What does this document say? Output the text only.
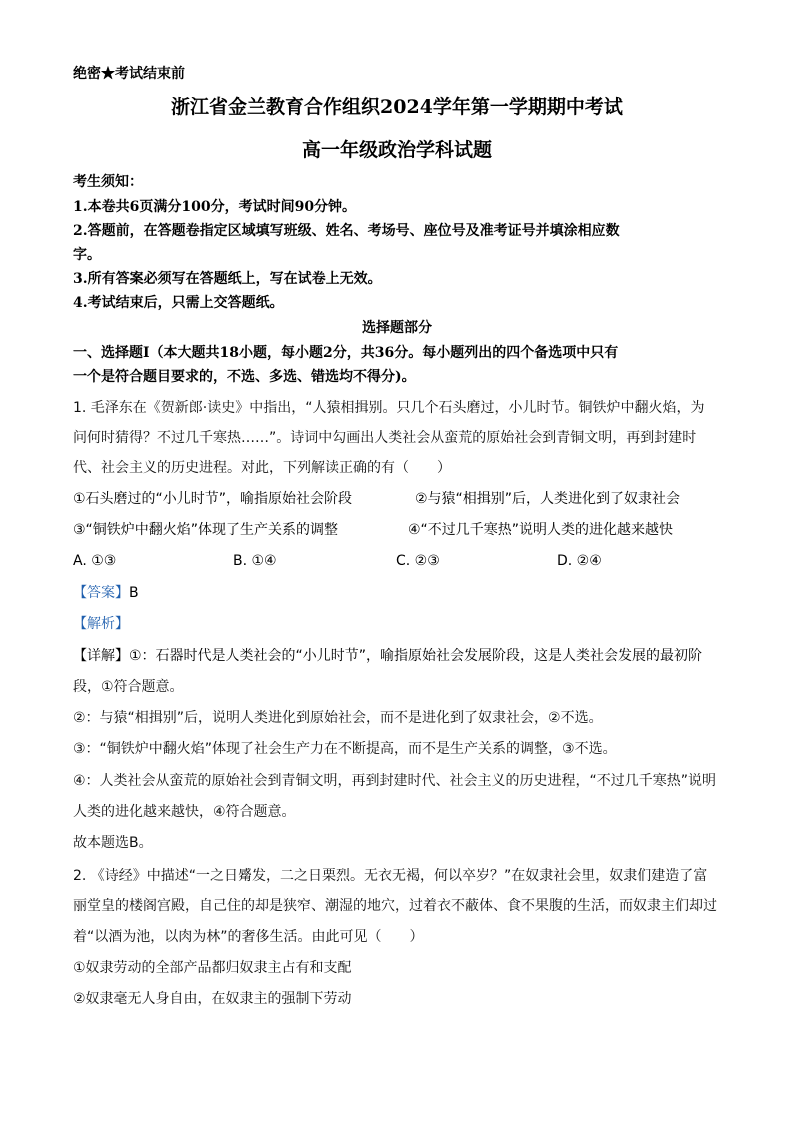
绝密★考试结束前
浙江省金兰教育合作组织2024学年第一学期期中考试
高一年级政治学科试题
考生须知：
1.本卷共6页满分100分，考试时间90分钟。
2.答题前，在答题卷指定区域填写班级、姓名、考场号、座位号及准考证号并填涂相应数
字。
3.所有答案必须写在答题纸上，写在试卷上无效。
4.考试结束后，只需上交答题纸。
选择题部分
一、选择题Ⅰ（本大题共18小题，每小题2分，共36分。每小题列出的四个备选项中只有
一个是符合题目要求的，不选、多选、错选均不得分)。
1. 毛泽东在《贺新郎·读史》中指出，“人猿相揖别。只几个石头磨过，小儿时节。铜铁炉中翻火焰，为
问何时猜得？不过几千寒热……”。诗词中勾画出人类社会从蛮荒的原始社会到青铜文明，再到封建时
代、社会主义的历史进程。对此，下列解读正确的有（　　）
①石头磨过的“小儿时节”，喻指原始社会阶段	②与猿“相揖别”后，人类进化到了奴隶社会
③“铜铁炉中翻火焰”体现了生产关系的调整	④“不过几千寒热”说明人类的进化越来越快
A. ①③	B. ①④	C. ②③	D. ②④
【答案】B
【解析】
【详解】①：石器时代是人类社会的“小儿时节”，喻指原始社会发展阶段，这是人类社会发展的最初阶
段，①符合题意。
②：与猿“相揖别”后，说明人类进化到原始社会，而不是进化到了奴隶社会，②不选。
③：“铜铁炉中翻火焰”体现了社会生产力在不断提高，而不是生产关系的调整，③不选。
④：人类社会从蛮荒的原始社会到青铜文明，再到封建时代、社会主义的历史进程，“不过几千寒热”说明
人类的进化越来越快，④符合题意。
故本题选B。
2. 《诗经》中描述“一之日觱发，二之日栗烈。无衣无褐，何以卒岁？”在奴隶社会里，奴隶们建造了富
丽堂皇的楼阁宫殿，自己住的却是狭窄、潮湿的地穴，过着衣不蔽体、食不果腹的生活，而奴隶主们却过
着“以酒为池，以肉为林”的奢侈生活。由此可见（　　）
①奴隶劳动的全部产品都归奴隶主占有和支配
②奴隶毫无人身自由，在奴隶主的强制下劳动
